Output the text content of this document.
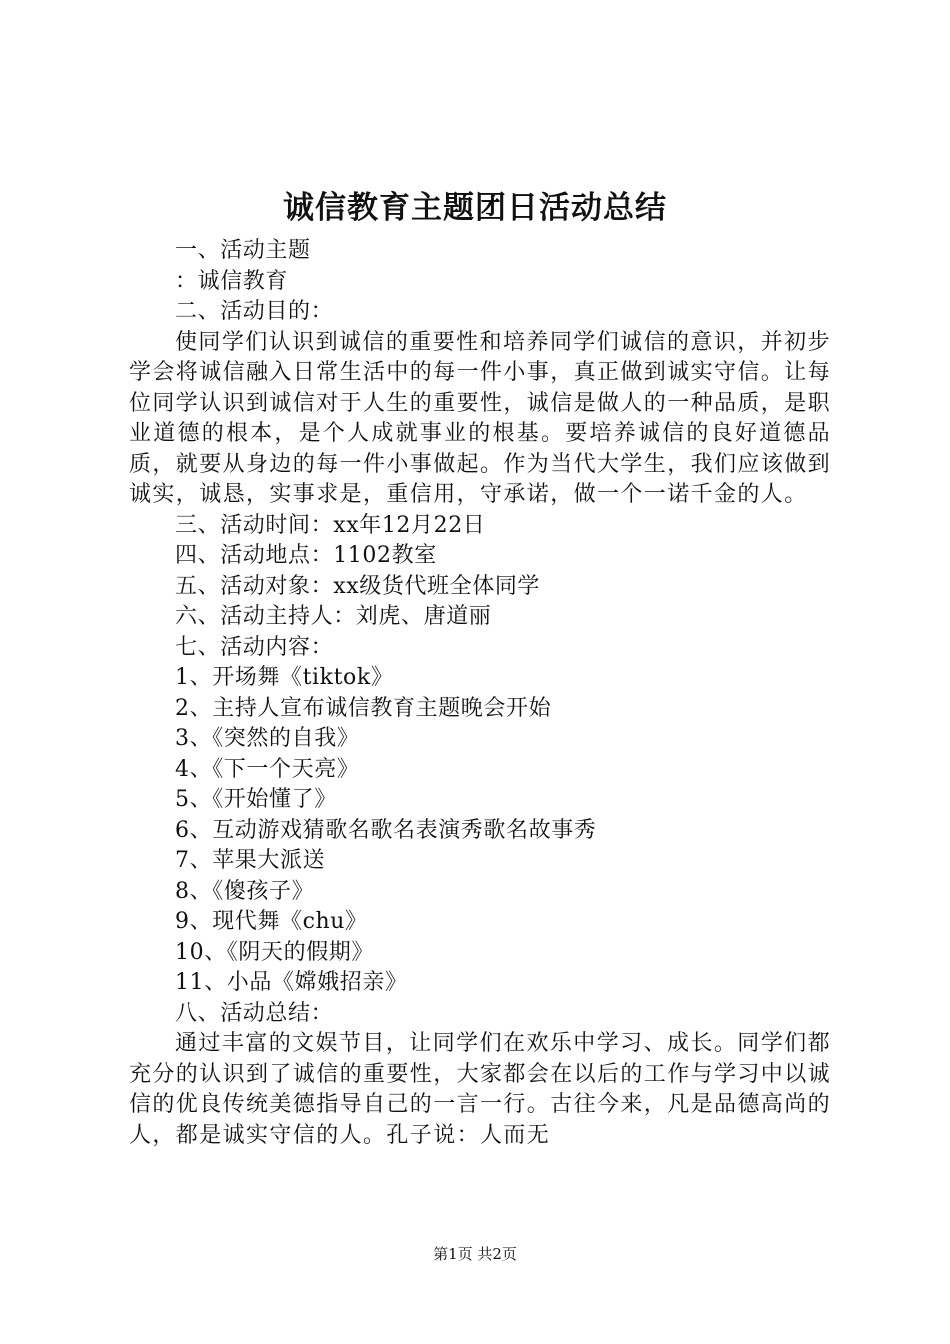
诚信教育主题团日活动总结
一、活动主题
：诚信教育
二、活动目的：
使同学们认识到诚信的重要性和培养同学们诚信的意识，并初步学会将诚信融入日常生活中的每一件小事，真正做到诚实守信。让每位同学认识到诚信对于人生的重要性，诚信是做人的一种品质，是职业道德的根本，是个人成就事业的根基。要培养诚信的良好道德品质，就要从身边的每一件小事做起。作为当代大学生，我们应该做到诚实，诚恳，实事求是，重信用，守承诺，做一个一诺千金的人。
三、活动时间：xx年12月22日
四、活动地点：1102教室
五、活动对象：xx级货代班全体同学
六、活动主持人：刘虎、唐道丽
七、活动内容：
1、开场舞《tiktok》
2、主持人宣布诚信教育主题晚会开始
3、《突然的自我》
4、《下一个天亮》
5、《开始懂了》
6、互动游戏猜歌名歌名表演秀歌名故事秀
7、苹果大派送
8、《傻孩子》
9、现代舞《chu》
10、《阴天的假期》
11、小品《嫦娥招亲》
八、活动总结：
通过丰富的文娱节目，让同学们在欢乐中学习、成长。同学们都充分的认识到了诚信的重要性，大家都会在以后的工作与学习中以诚信的优良传统美德指导自己的一言一行。古往今来，凡是品德高尚的人，都是诚实守信的人。孔子说：人而无
第1页 共2页
